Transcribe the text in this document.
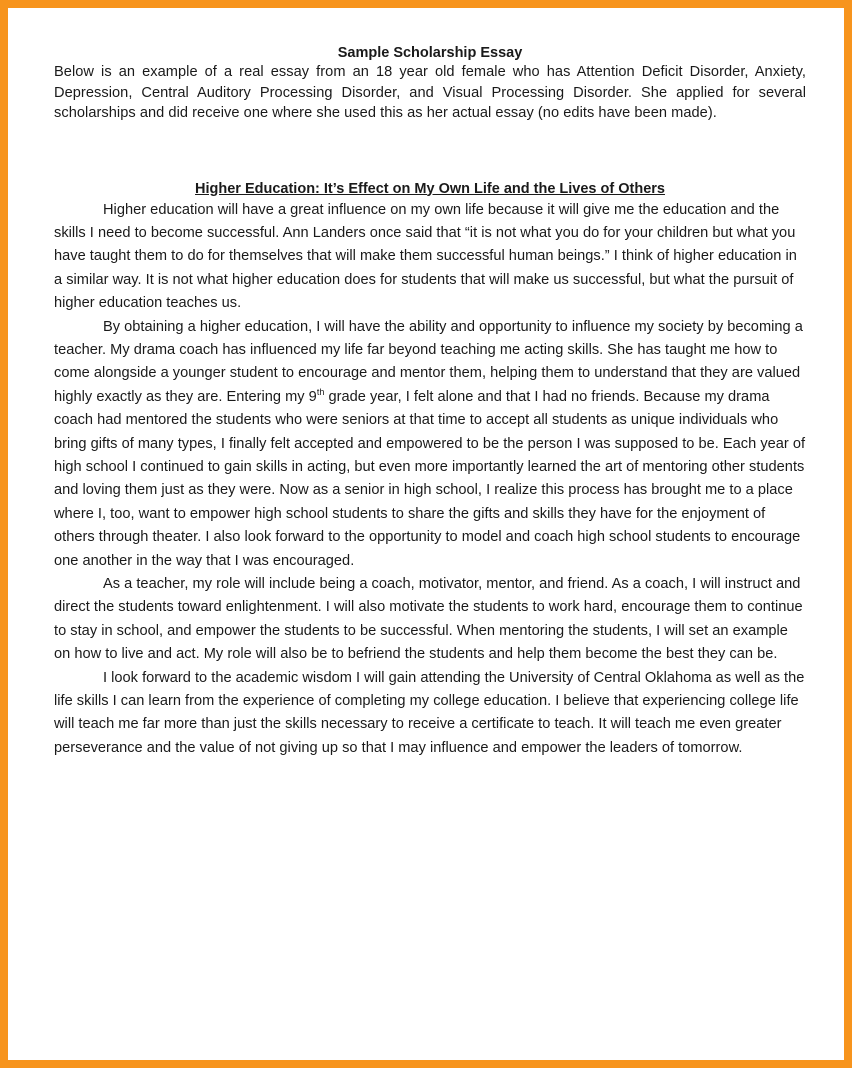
Sample Scholarship Essay

Below is an example of a real essay from an 18 year old female who has Attention Deficit Disorder, Anxiety, Depression, Central Auditory Processing Disorder, and Visual Processing Disorder. She applied for several scholarships and did receive one where she used this as her actual essay (no edits have been made).

Higher Education: It’s Effect on My Own Life and the Lives of Others

Higher education will have a great influence on my own life because it will give me the education and the skills I need to become successful. Ann Landers once said that “it is not what you do for your children but what you have taught them to do for themselves that will make them successful human beings.” I think of higher education in a similar way. It is not what higher education does for students that will make us successful, but what the pursuit of higher education teaches us.

By obtaining a higher education, I will have the ability and opportunity to influence my society by becoming a teacher. My drama coach has influenced my life far beyond teaching me acting skills. She has taught me how to come alongside a younger student to encourage and mentor them, helping them to understand that they are valued highly exactly as they are. Entering my 9th grade year, I felt alone and that I had no friends. Because my drama coach had mentored the students who were seniors at that time to accept all students as unique individuals who bring gifts of many types, I finally felt accepted and empowered to be the person I was supposed to be. Each year of high school I continued to gain skills in acting, but even more importantly learned the art of mentoring other students and loving them just as they were. Now as a senior in high school, I realize this process has brought me to a place where I, too, want to empower high school students to share the gifts and skills they have for the enjoyment of others through theater. I also look forward to the opportunity to model and coach high school students to encourage one another in the way that I was encouraged.

As a teacher, my role will include being a coach, motivator, mentor, and friend. As a coach, I will instruct and direct the students toward enlightenment. I will also motivate the students to work hard, encourage them to continue to stay in school, and empower the students to be successful. When mentoring the students, I will set an example on how to live and act. My role will also be to befriend the students and help them become the best they can be.

I look forward to the academic wisdom I will gain attending the University of Central Oklahoma as well as the life skills I can learn from the experience of completing my college education. I believe that experiencing college life will teach me far more than just the skills necessary to receive a certificate to teach. It will teach me even greater perseverance and the value of not giving up so that I may influence and empower the leaders of tomorrow.
